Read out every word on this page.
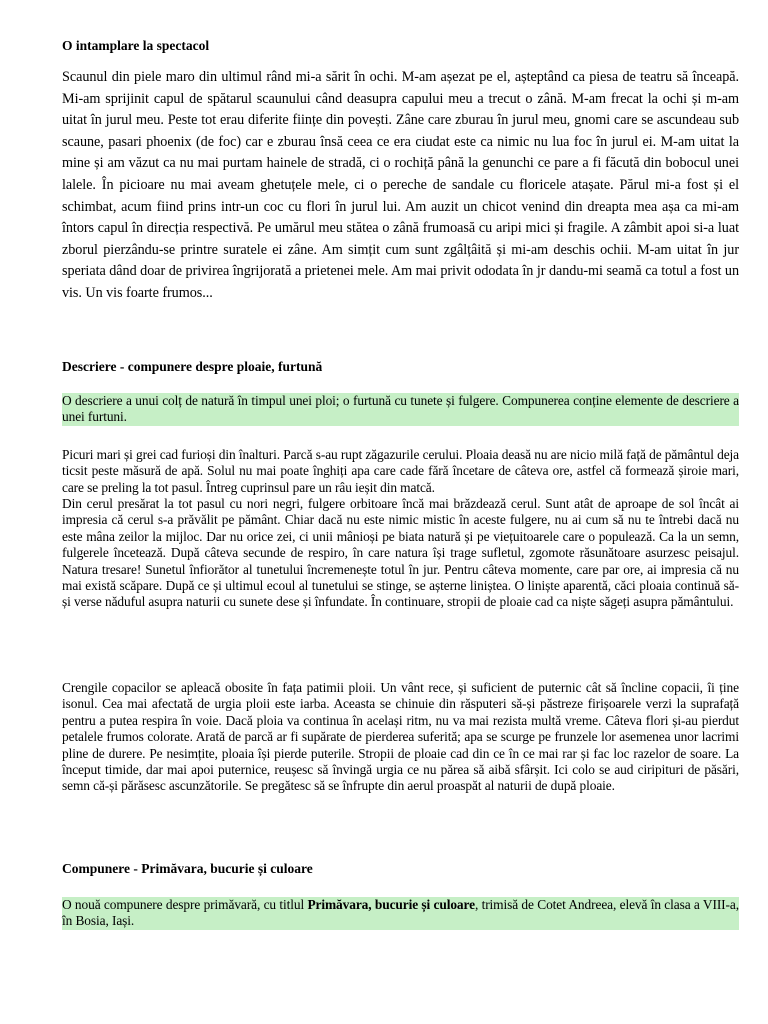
O intamplare la spectacol

Scaunul din piele maro din ultimul rând mi-a sărit în ochi. M-am așezat pe el, așteptând ca piesa de teatru să înceapă. Mi-am sprijinit capul de spătarul scaunului când deasupra capului meu a trecut o zână. M-am frecat la ochi și m-am uitat în jurul meu. Peste tot erau diferite ființe din povești. Zâne care zburau în jurul meu, gnomi care se ascundeau sub scaune, pasari phoenix (de foc) car e zburau însă ceea ce era ciudat este ca nimic nu lua foc în jurul ei. M-am uitat la mine și am văzut ca nu mai purtam hainele de stradă, ci o rochiță până la genunchi ce pare a fi făcută din bobocul unei lalele. În picioare nu mai aveam ghetuțele mele, ci o pereche de sandale cu floricele atașate. Părul mi-a fost și el schimbat, acum fiind prins intr-un coc cu flori în jurul lui. Am auzit un chicot venind din dreapta mea așa ca mi-am întors capul în direcția respectivă. Pe umărul meu stătea o zână frumoasă cu aripi mici și fragile. A zâmbit apoi si-a luat zborul pierzându-se printre suratele ei zâne. Am simțit cum sunt zgâlțâită și mi-am deschis ochii. M-am uitat în jur speriata dând doar de privirea îngrijorată a prietenei mele. Am mai privit ododata în jr dandu-mi seamă ca totul a fost un vis. Un vis foarte frumos...

Descriere - compunere despre ploaie, furtună

O descriere a unui colț de natură în timpul unei ploi; o furtună cu tunete și fulgere. Compunerea conține elemente de descriere a unei furtuni.

Picuri mari și grei cad furioși din înalturi. Parcă s-au rupt zăgazurile cerului. Ploaia deasă nu are nicio milă față de pământul deja ticsit peste măsură de apă. Solul nu mai poate înghiți apa care cade fără încetare de câteva ore, astfel că formează șiroie mari, care se preling la tot pasul. Întreg cuprinsul pare un râu ieșit din matcă.

Din cerul presărat la tot pasul cu nori negri, fulgere orbitoare încă mai brăzdează cerul. Sunt atât de aproape de sol încât ai impresia că cerul s-a prăvălit pe pământ. Chiar dacă nu este nimic mistic în aceste fulgere, nu ai cum să nu te întrebi dacă nu este mâna zeilor la mijloc. Dar nu orice zei, ci unii mânioși pe biata natură și pe viețuitoarele care o populează. Ca la un semn, fulgerele încetează. După câteva secunde de respiro, în care natura își trage sufletul, zgomote răsunătoare asurzesc peisajul. Natura tresare! Sunetul înfiorător al tunetului încremenește totul în jur. Pentru câteva momente, care par ore, ai impresia că nu mai există scăpare. După ce și ultimul ecoul al tunetului se stinge, se așterne liniștea. O liniște aparentă, căci ploaia continuă să-și verse năduful asupra naturii cu sunete dese și înfundate. În continuare, stropii de ploaie cad ca niște săgeți asupra pământului.

Crengile copacilor se apleacă obosite în fața patimii ploii. Un vânt rece, și suficient de puternic cât să încline copacii, îi ține isonul. Cea mai afectată de urgia ploii este iarba. Aceasta se chinuie din răsputeri să-și păstreze firișoarele verzi la suprafață pentru a putea respira în voie. Dacă ploia va continua în același ritm, nu va mai rezista multă vreme. Câteva flori și-au pierdut petalele frumos colorate. Arată de parcă ar fi supărate de pierderea suferită; apa se scurge pe frunzele lor asemenea unor lacrimi pline de durere. Pe nesimțite, ploaia își pierde puterile. Stropii de ploaie cad din ce în ce mai rar și fac loc razelor de soare. La început timide, dar mai apoi puternice, reușesc să învingă urgia ce nu părea să aibă sfârșit. Ici colo se aud ciripituri de păsări, semn că-și părăsesc ascunzătorile. Se pregătesc să se înfrupte din aerul proaspăt al naturii de după ploaie.

Compunere - Primăvara, bucurie și culoare

O nouă compunere despre primăvară, cu titlul Primăvara, bucurie și culoare, trimisă de Cotet Andreea, elevă în clasa a VIII-a, în Bosia, Iași.
